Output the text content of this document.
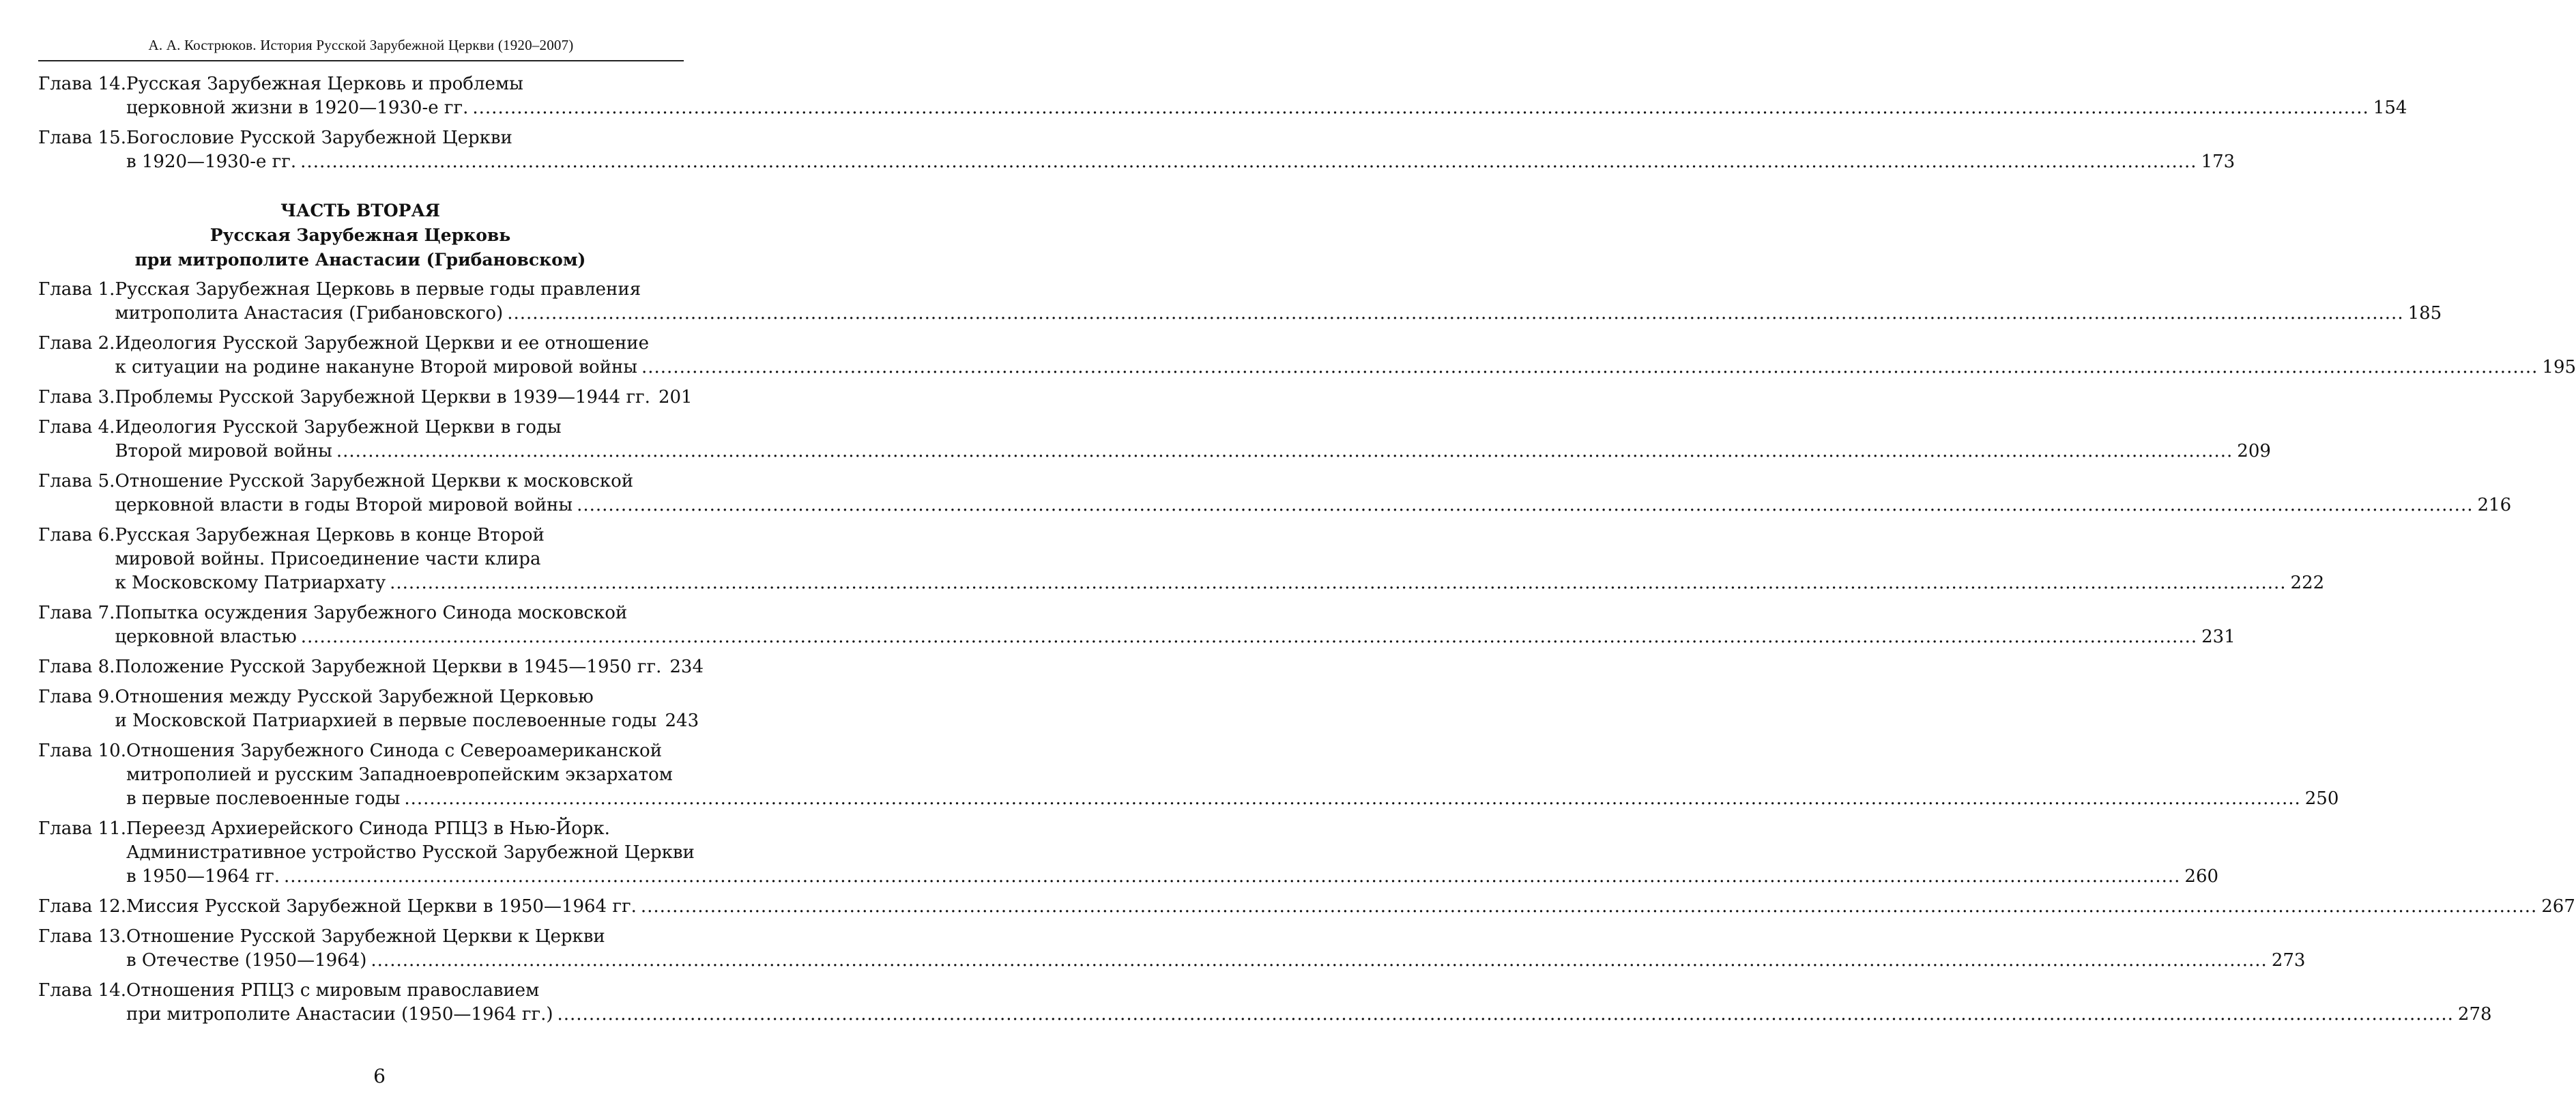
А. А. Кострюков. История Русской Зарубежной Церкви (1920–2007)
Глава 14. Русская Зарубежная Церковь и проблемы
церковной жизни в 1920—1930-е гг. ............................................................................................................................................................................................................................................................................................................ 154
Глава 15. Богословие Русской Зарубежной Церкви
в 1920—1930-е гг. ............................................................................................................................................................................................................................................................................................................ 173
ЧАСТЬ ВТОРАЯ
Русская Зарубежная Церковь
при митрополите Анастасии (Грибановском)
Глава 1. Русская Зарубежная Церковь в первые годы правления
митрополита Анастасия (Грибановского) ............................................................................................................................................................................................................................................................................................................ 185
Глава 2. Идеология Русской Зарубежной Церкви и ее отношение
к ситуации на родине накануне Второй мировой войны ............................................................................................................................................................................................................................................................................................................ 195
Глава 3. Проблемы Русской Зарубежной Церкви в 1939—1944 гг. 201
Глава 4. Идеология Русской Зарубежной Церкви в годы
Второй мировой войны ............................................................................................................................................................................................................................................................................................................ 209
Глава 5. Отношение Русской Зарубежной Церкви к московской
церковной власти в годы Второй мировой войны ............................................................................................................................................................................................................................................................................................................ 216
Глава 6. Русская Зарубежная Церковь в конце Второй
мировой войны. Присоединение части клира
к Московскому Патриархату ............................................................................................................................................................................................................................................................................................................ 222
Глава 7. Попытка осуждения Зарубежного Синода московской
церковной властью ............................................................................................................................................................................................................................................................................................................ 231
Глава 8. Положение Русской Зарубежной Церкви в 1945—1950 гг. 234
Глава 9. Отношения между Русской Зарубежной Церковью
и Московской Патриархией в первые послевоенные годы 243
Глава 10. Отношения Зарубежного Синода с Североамериканской
митрополией и русским Западноевропейским экзархатом
в первые послевоенные годы ............................................................................................................................................................................................................................................................................................................ 250
Глава 11. Переезд Архиерейского Синода РПЦЗ в Нью-Йорк.
Административное устройство Русской Зарубежной Церкви
в 1950—1964 гг. ............................................................................................................................................................................................................................................................................................................ 260
Глава 12. Миссия Русской Зарубежной Церкви в 1950—1964 гг. ............................................................................................................................................................................................................................................................................................................ 267
Глава 13. Отношение Русской Зарубежной Церкви к Церкви
в Отечестве (1950—1964) ............................................................................................................................................................................................................................................................................................................ 273
Глава 14. Отношения РПЦЗ с мировым православием
при митрополите Анастасии (1950—1964 гг.) ............................................................................................................................................................................................................................................................................................................ 278
6
